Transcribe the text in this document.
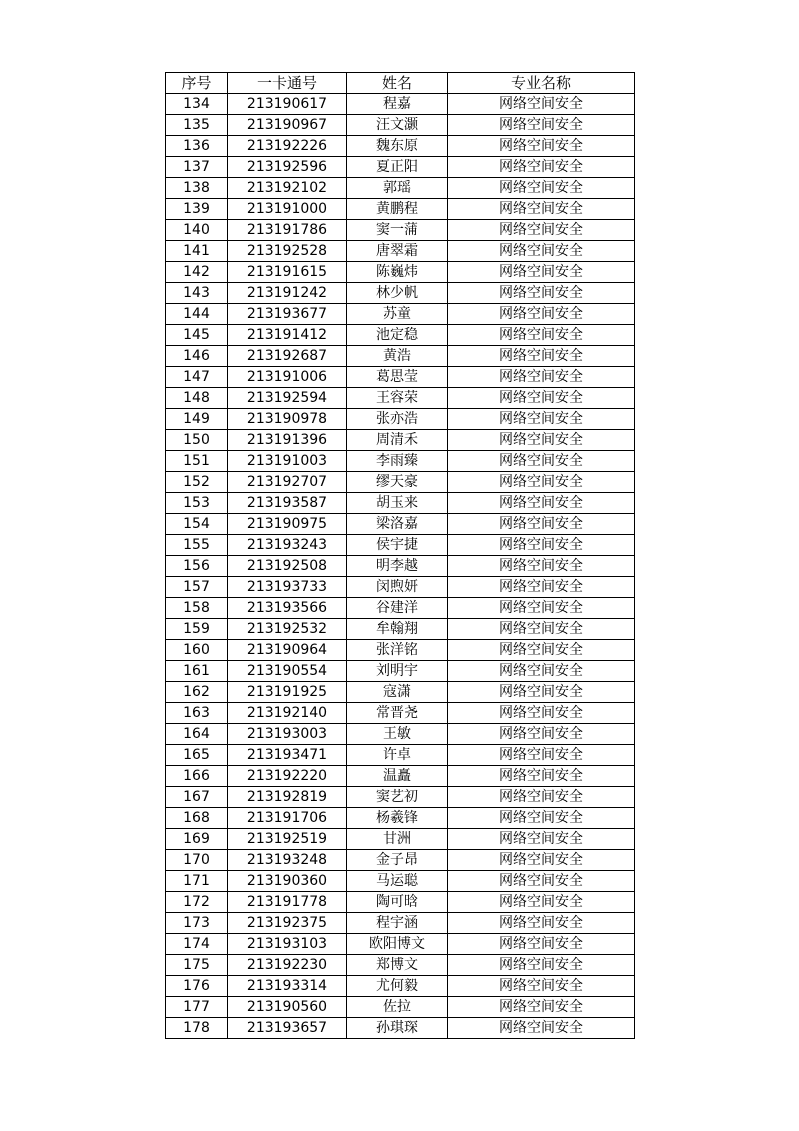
序号	一卡通号	姓名	专业名称
134	213190617	程嘉	网络空间安全
135	213190967	汪文灏	网络空间安全
136	213192226	魏东原	网络空间安全
137	213192596	夏正阳	网络空间安全
138	213192102	郭瑶	网络空间安全
139	213191000	黄鹏程	网络空间安全
140	213191786	窦一蒲	网络空间安全
141	213192528	唐翠霜	网络空间安全
142	213191615	陈巍炜	网络空间安全
143	213191242	林少帆	网络空间安全
144	213193677	苏童	网络空间安全
145	213191412	池定稳	网络空间安全
146	213192687	黄浩	网络空间安全
147	213191006	葛思莹	网络空间安全
148	213192594	王容荣	网络空间安全
149	213190978	张亦浩	网络空间安全
150	213191396	周清禾	网络空间安全
151	213191003	李雨臻	网络空间安全
152	213192707	缪天豪	网络空间安全
153	213193587	胡玉来	网络空间安全
154	213190975	梁洛嘉	网络空间安全
155	213193243	侯宇捷	网络空间安全
156	213192508	明李越	网络空间安全
157	213193733	闵煦妍	网络空间安全
158	213193566	谷建洋	网络空间安全
159	213192532	牟翰翔	网络空间安全
160	213190964	张洋铭	网络空间安全
161	213190554	刘明宇	网络空间安全
162	213191925	寇潇	网络空间安全
163	213192140	常晋尧	网络空间安全
164	213193003	王敏	网络空间安全
165	213193471	许卓	网络空间安全
166	213192220	温矗	网络空间安全
167	213192819	窦艺初	网络空间安全
168	213191706	杨羲锋	网络空间安全
169	213192519	甘洲	网络空间安全
170	213193248	金子昂	网络空间安全
171	213190360	马运聪	网络空间安全
172	213191778	陶可晗	网络空间安全
173	213192375	程宇涵	网络空间安全
174	213193103	欧阳博文	网络空间安全
175	213192230	郑博文	网络空间安全
176	213193314	尤何毅	网络空间安全
177	213190560	佐拉	网络空间安全
178	213193657	孙琪琛	网络空间安全
